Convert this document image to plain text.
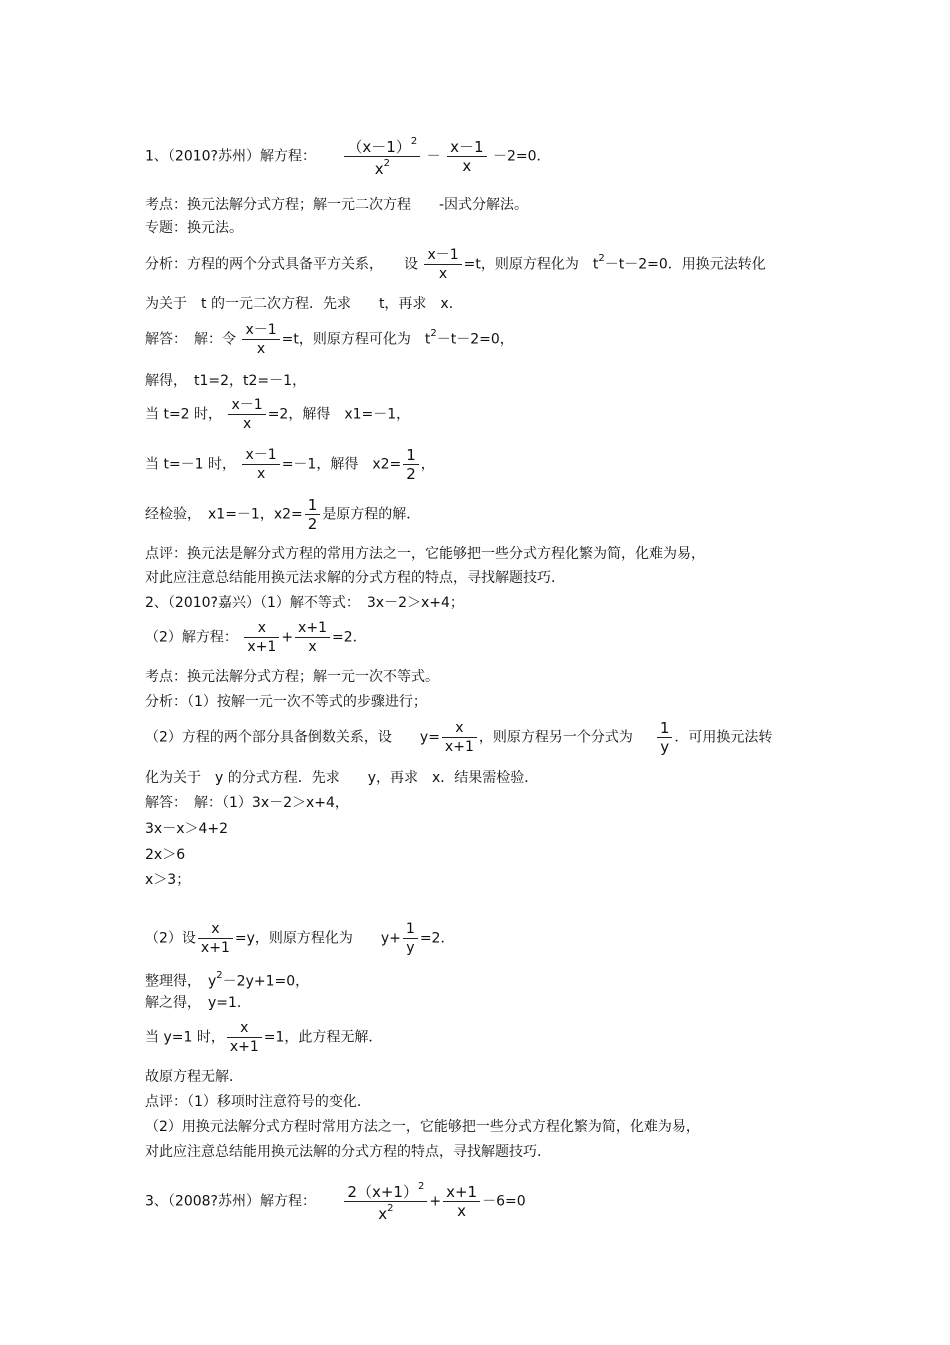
1、（2010?苏州）解方程： $\frac{(x-1)^2}{x^2} - \frac{x-1}{x} -2=0$．
考点：换元法解分式方程；解一元二次方程　　-因式分解法。
专题：换元法。
分析：方程的两个分式具备平方关系，　　设 $\frac{x-1}{x} =t$，则原方程化为　$t^2-t-2=0$．用换元法转化
为关于　t 的一元二次方程．先求　　t，再求　x．
解答：　解：令 $\frac{x-1}{x} =t$，则原方程可化为　$t^2-t-2=0$，
解得，　t1=2，t2=－1，
当 t=2 时， $\frac{x-1}{x} =2$，解得　x1=－1，
当 t=－1 时， $\frac{x-1}{x} =-1$，解得　$x2= \frac{1}{2}$ ，
经检验，　x1=－1，$x2= \frac{1}{2}$ 是原方程的解．
点评：换元法是解分式方程的常用方法之一，它能够把一些分式方程化繁为简，化难为易，
对此应注意总结能用换元法求解的分式方程的特点，寻找解题技巧．
2、（2010?嘉兴）（1）解不等式：　3x－2＞x+4；
（2）解方程： $\frac{x}{x+1} + \frac{x+1}{x} =2$．
考点：换元法解分式方程；解一元一次不等式。
分析：（1）按解一元一次不等式的步骤进行；
（2）方程的两个部分具备倒数关系，设　　$y= \frac{x}{x+1}$ ，则原方程另一个分式为 $\frac{1}{y}$ ．可用换元法转
化为关于　y 的分式方程．先求　　y，再求　x．结果需检验．
解答：　解：（1）3x－2＞x+4，
3x－x＞4+2
2x＞6
x＞3；
（2）设 $\frac{x}{x+1} =y$，则原方程化为　　$y+ \frac{1}{y} =2$．
整理得，　$y^2-2y+1=0$，
解之得，　y=1．
当 y=1 时， $\frac{x}{x+1} =1$，此方程无解．
故原方程无解．
点评：（1）移项时注意符号的变化．
（2）用换元法解分式方程时常用方法之一，它能够把一些分式方程化繁为简，化难为易，
对此应注意总结能用换元法解的分式方程的特点，寻找解题技巧．
3、（2008?苏州）解方程： $\frac{2(x+1)^2}{x^2} + \frac{x+1}{x} -6=0$
